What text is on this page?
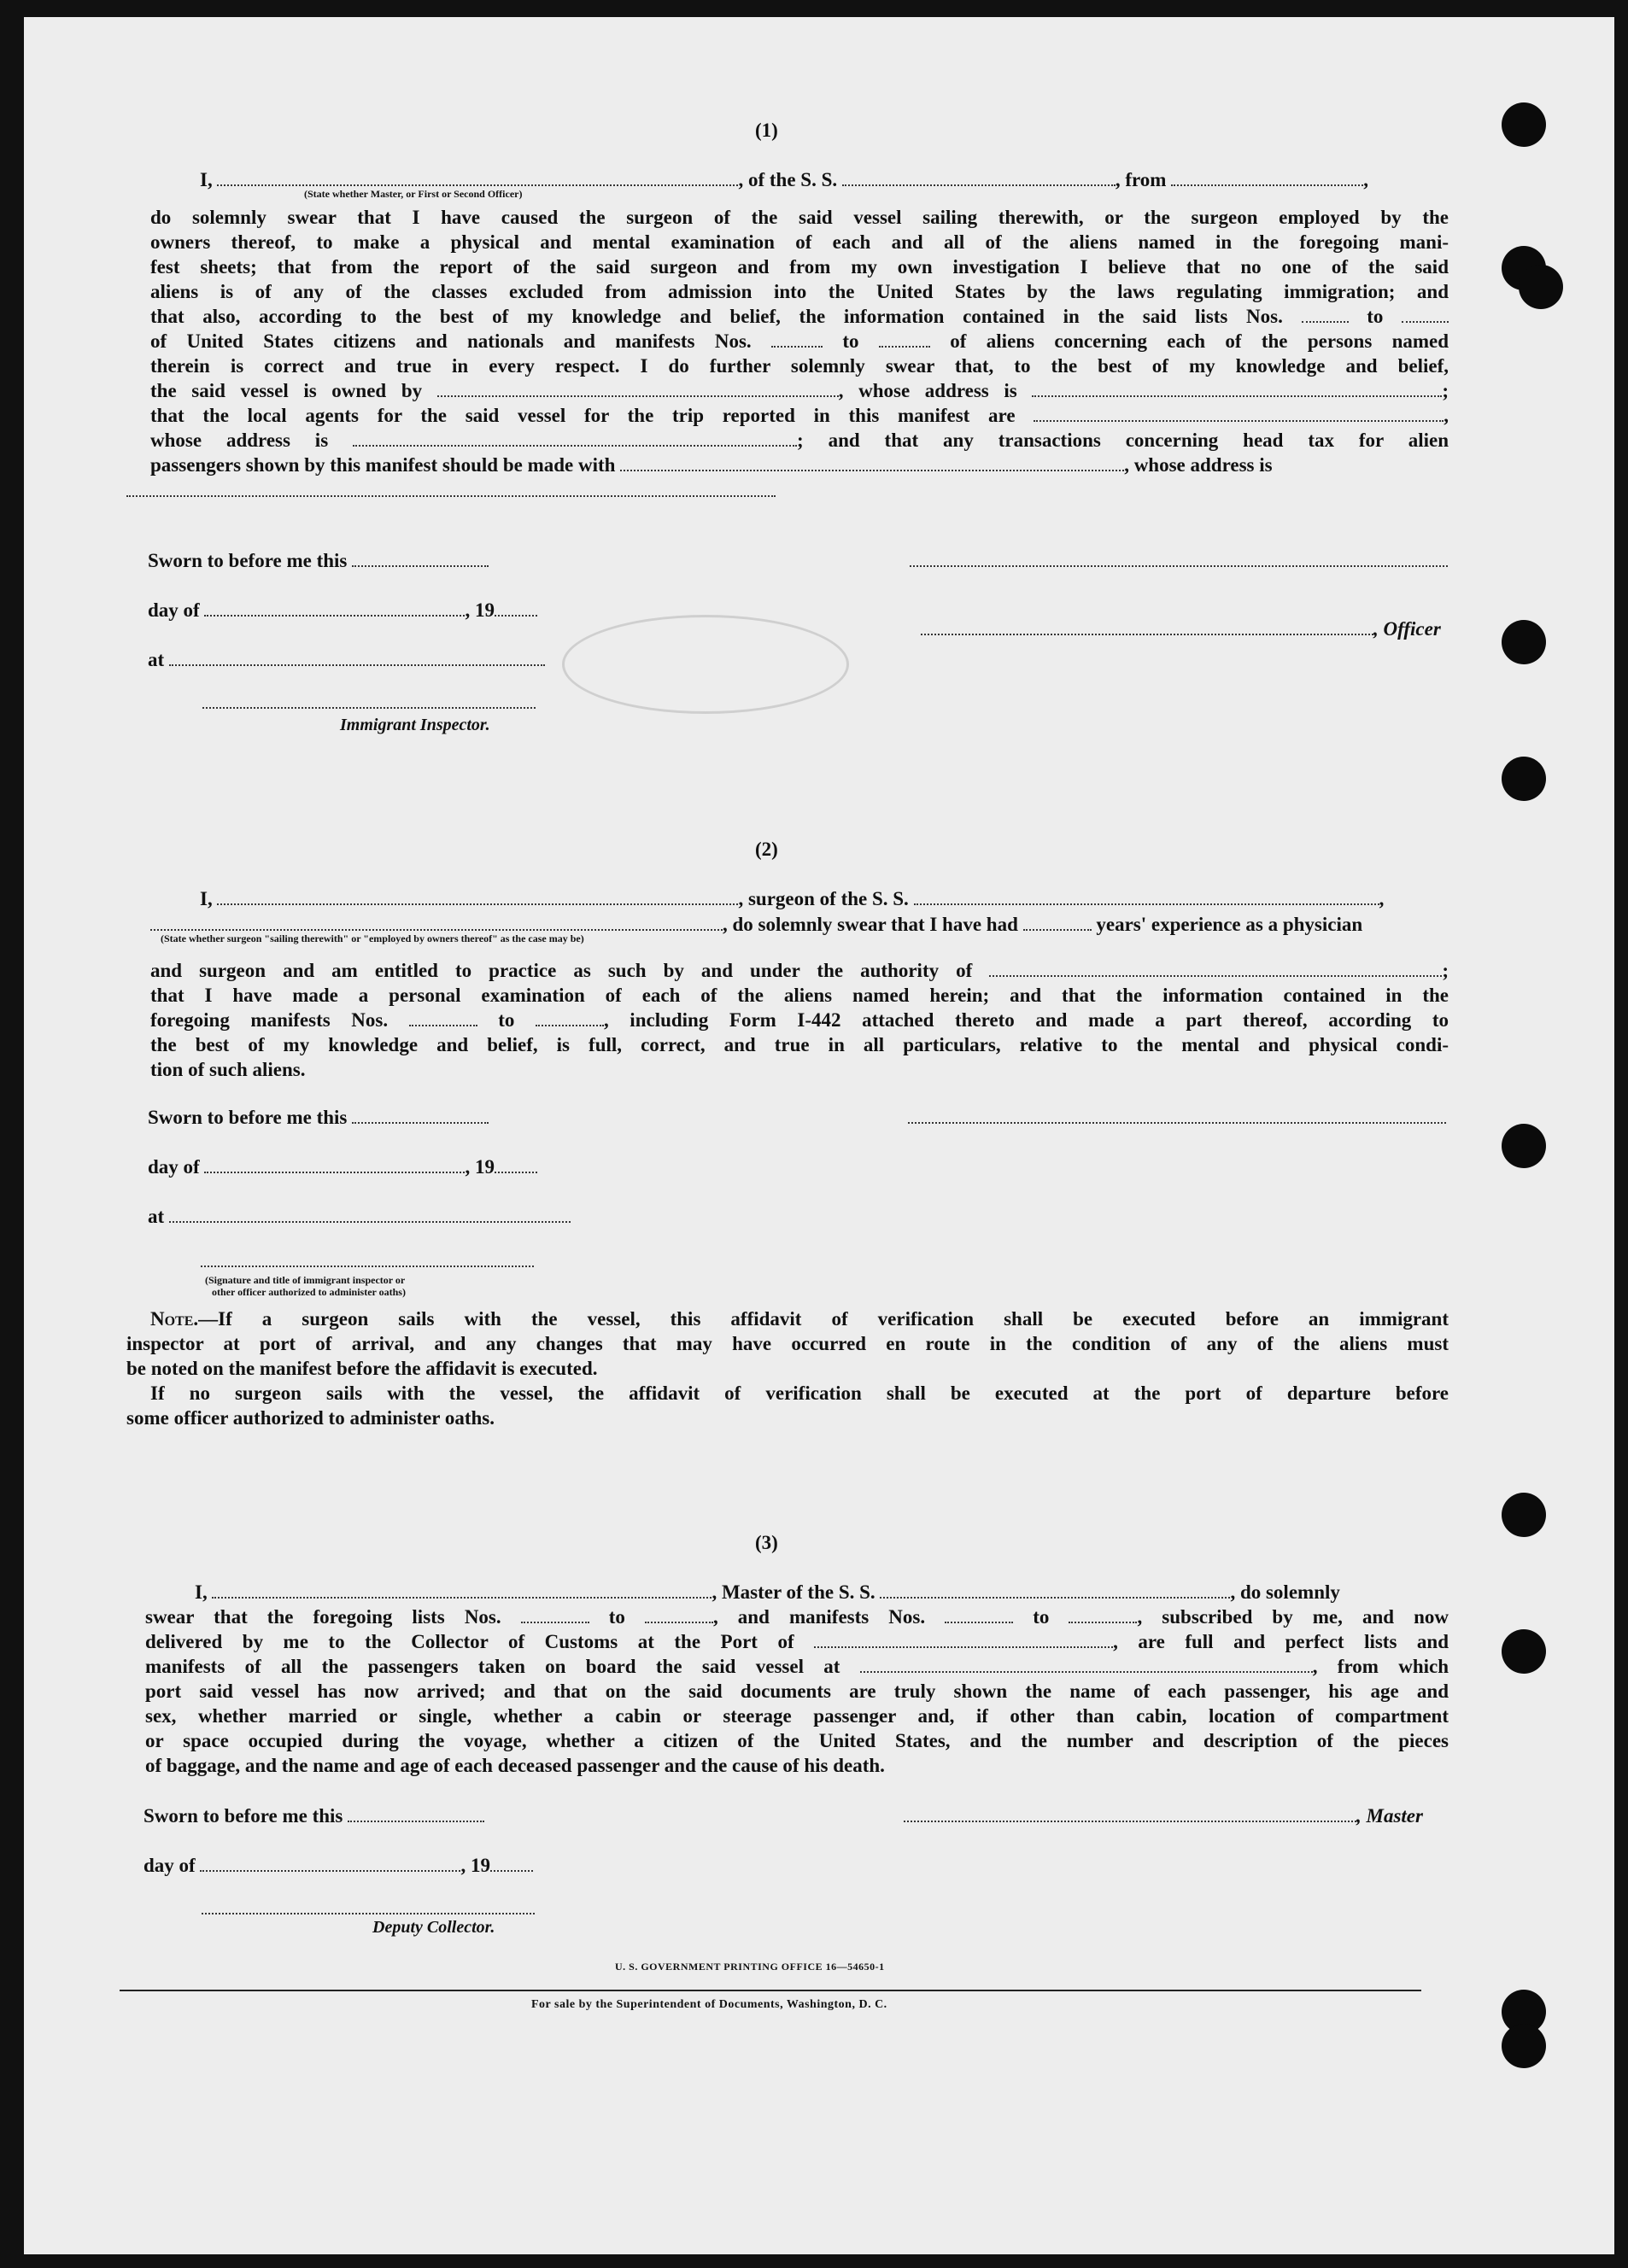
(1)
I,	, of the S. S.	, from	,
(State whether Master, or First or Second Officer)
do solemnly swear that I have caused the surgeon of the said vessel sailing therewith, or the surgeon employed by the
owners thereof, to make a physical and mental examination of each and all of the aliens named in the foregoing mani-
fest sheets; that from the report of the said surgeon and from my own investigation I believe that no one of the said
aliens is of any of the classes excluded from admission into the United States by the laws regulating immigration; and
that also, according to the best of my knowledge and belief, the information contained in the said lists Nos.	to
of United States citizens and nationals and manifests Nos.	to	of aliens concerning each of the persons named
therein is correct and true in every respect. I do further solemnly swear that, to the best of my knowledge and belief,
the said vessel is owned by	, whose address is	;
that the local agents for the said vessel for the trip reported in this manifest are	,
whose address is	; and that any transactions concerning head tax for alien
passengers shown by this manifest should be made with	, whose address is
Sworn to before me this
day of	, 19
at
, Officer
Immigrant Inspector.
(2)
I,	, surgeon of the S. S.	,
, do solemnly swear that I have had	years' experience as a physician
(State whether surgeon "sailing therewith" or "employed by owners thereof" as the case may be)
and surgeon and am entitled to practice as such by and under the authority of	;
that I have made a personal examination of each of the aliens named herein; and that the information contained in the
foregoing manifests Nos.	to	, including Form I-442 attached thereto and made a part thereof, according to
the best of my knowledge and belief, is full, correct, and true in all particulars, relative to the mental and physical condi-
tion of such aliens.
Sworn to before me this
day of	, 19
at
(Signature and title of immigrant inspector or
other officer authorized to administer oaths)
Note.—If a surgeon sails with the vessel, this affidavit of verification shall be executed before an immigrant
inspector at port of arrival, and any changes that may have occurred en route in the condition of any of the aliens must
be noted on the manifest before the affidavit is executed.
If no surgeon sails with the vessel, the affidavit of verification shall be executed at the port of departure before
some officer authorized to administer oaths.
(3)
I,	, Master of the S. S.	, do solemnly
swear that the foregoing lists Nos.	to	, and manifests Nos.	to	, subscribed by me, and now
delivered by me to the Collector of Customs at the Port of	, are full and perfect lists and
manifests of all the passengers taken on board the said vessel at	, from which
port said vessel has now arrived; and that on the said documents are truly shown the name of each passenger, his age and
sex, whether married or single, whether a cabin or steerage passenger and, if other than cabin, location of compartment
or space occupied during the voyage, whether a citizen of the United States, and the number and description of the pieces
of baggage, and the name and age of each deceased passenger and the cause of his death.
Sworn to before me this	, Master
day of	, 19
Deputy Collector.
U. S. GOVERNMENT PRINTING OFFICE 16—54650-1
For sale by the Superintendent of Documents, Washington, D. C.
